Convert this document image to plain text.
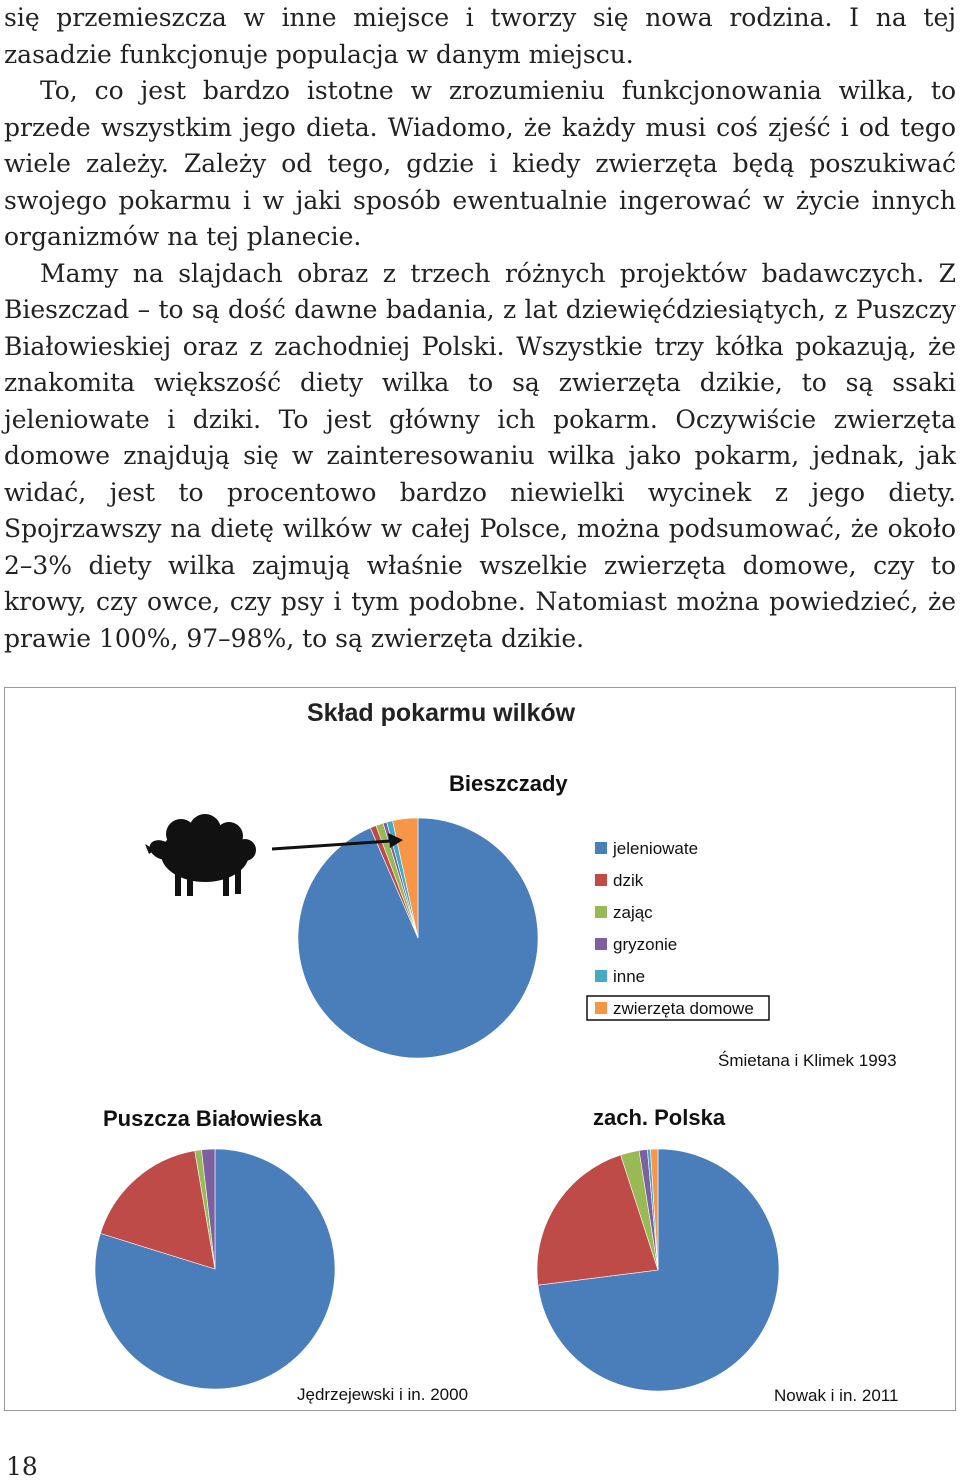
się przemieszcza w inne miejsce i tworzy się nowa rodzina. I na tej zasadzie funkcjonuje populacja w danym miejscu.

To, co jest bardzo istotne w zrozumieniu funkcjonowania wilka, to przede wszystkim jego dieta. Wiadomo, że każdy musi coś zjeść i od tego wiele zależy. Zależy od tego, gdzie i kiedy zwierzęta będą poszukiwać swojego pokarmu i w jaki sposób ewentualnie ingerować w życie innych organizmów na tej planecie.

Mamy na slajdach obraz z trzech różnych projektów badawczych. Z Bieszczad – to są dość dawne badania, z lat dziewięćdziesiątych, z Puszczy Białowieskiej oraz z zachodniej Polski. Wszystkie trzy kółka pokazują, że znakomita większość diety wilka to są zwierzęta dzikie, to są ssaki jeleniowate i dziki. To jest główny ich pokarm. Oczywiście zwierzęta domowe znajdują się w zainteresowaniu wilka jako pokarm, jednak, jak widać, jest to procentowo bardzo niewielki wycinek z jego diety. Spojrzawszy na dietę wilków w całej Polsce, można podsumować, że około 2–3% diety wilka zajmują właśnie wszelkie zwierzęta domowe, czy to krowy, czy owce, czy psy i tym podobne. Natomiast można powiedzieć, że prawie 100%, 97–98%, to są zwierzęta dzikie.

Skład pokarmu wilków
Bieszczady
jeleniowate
dzik
zając
gryzonie
inne
zwierzęta domowe
Śmietana i Klimek 1993
Puszcza Białowieska
Jędrzejewski i in. 2000
zach. Polska
Nowak i in. 2011
18
